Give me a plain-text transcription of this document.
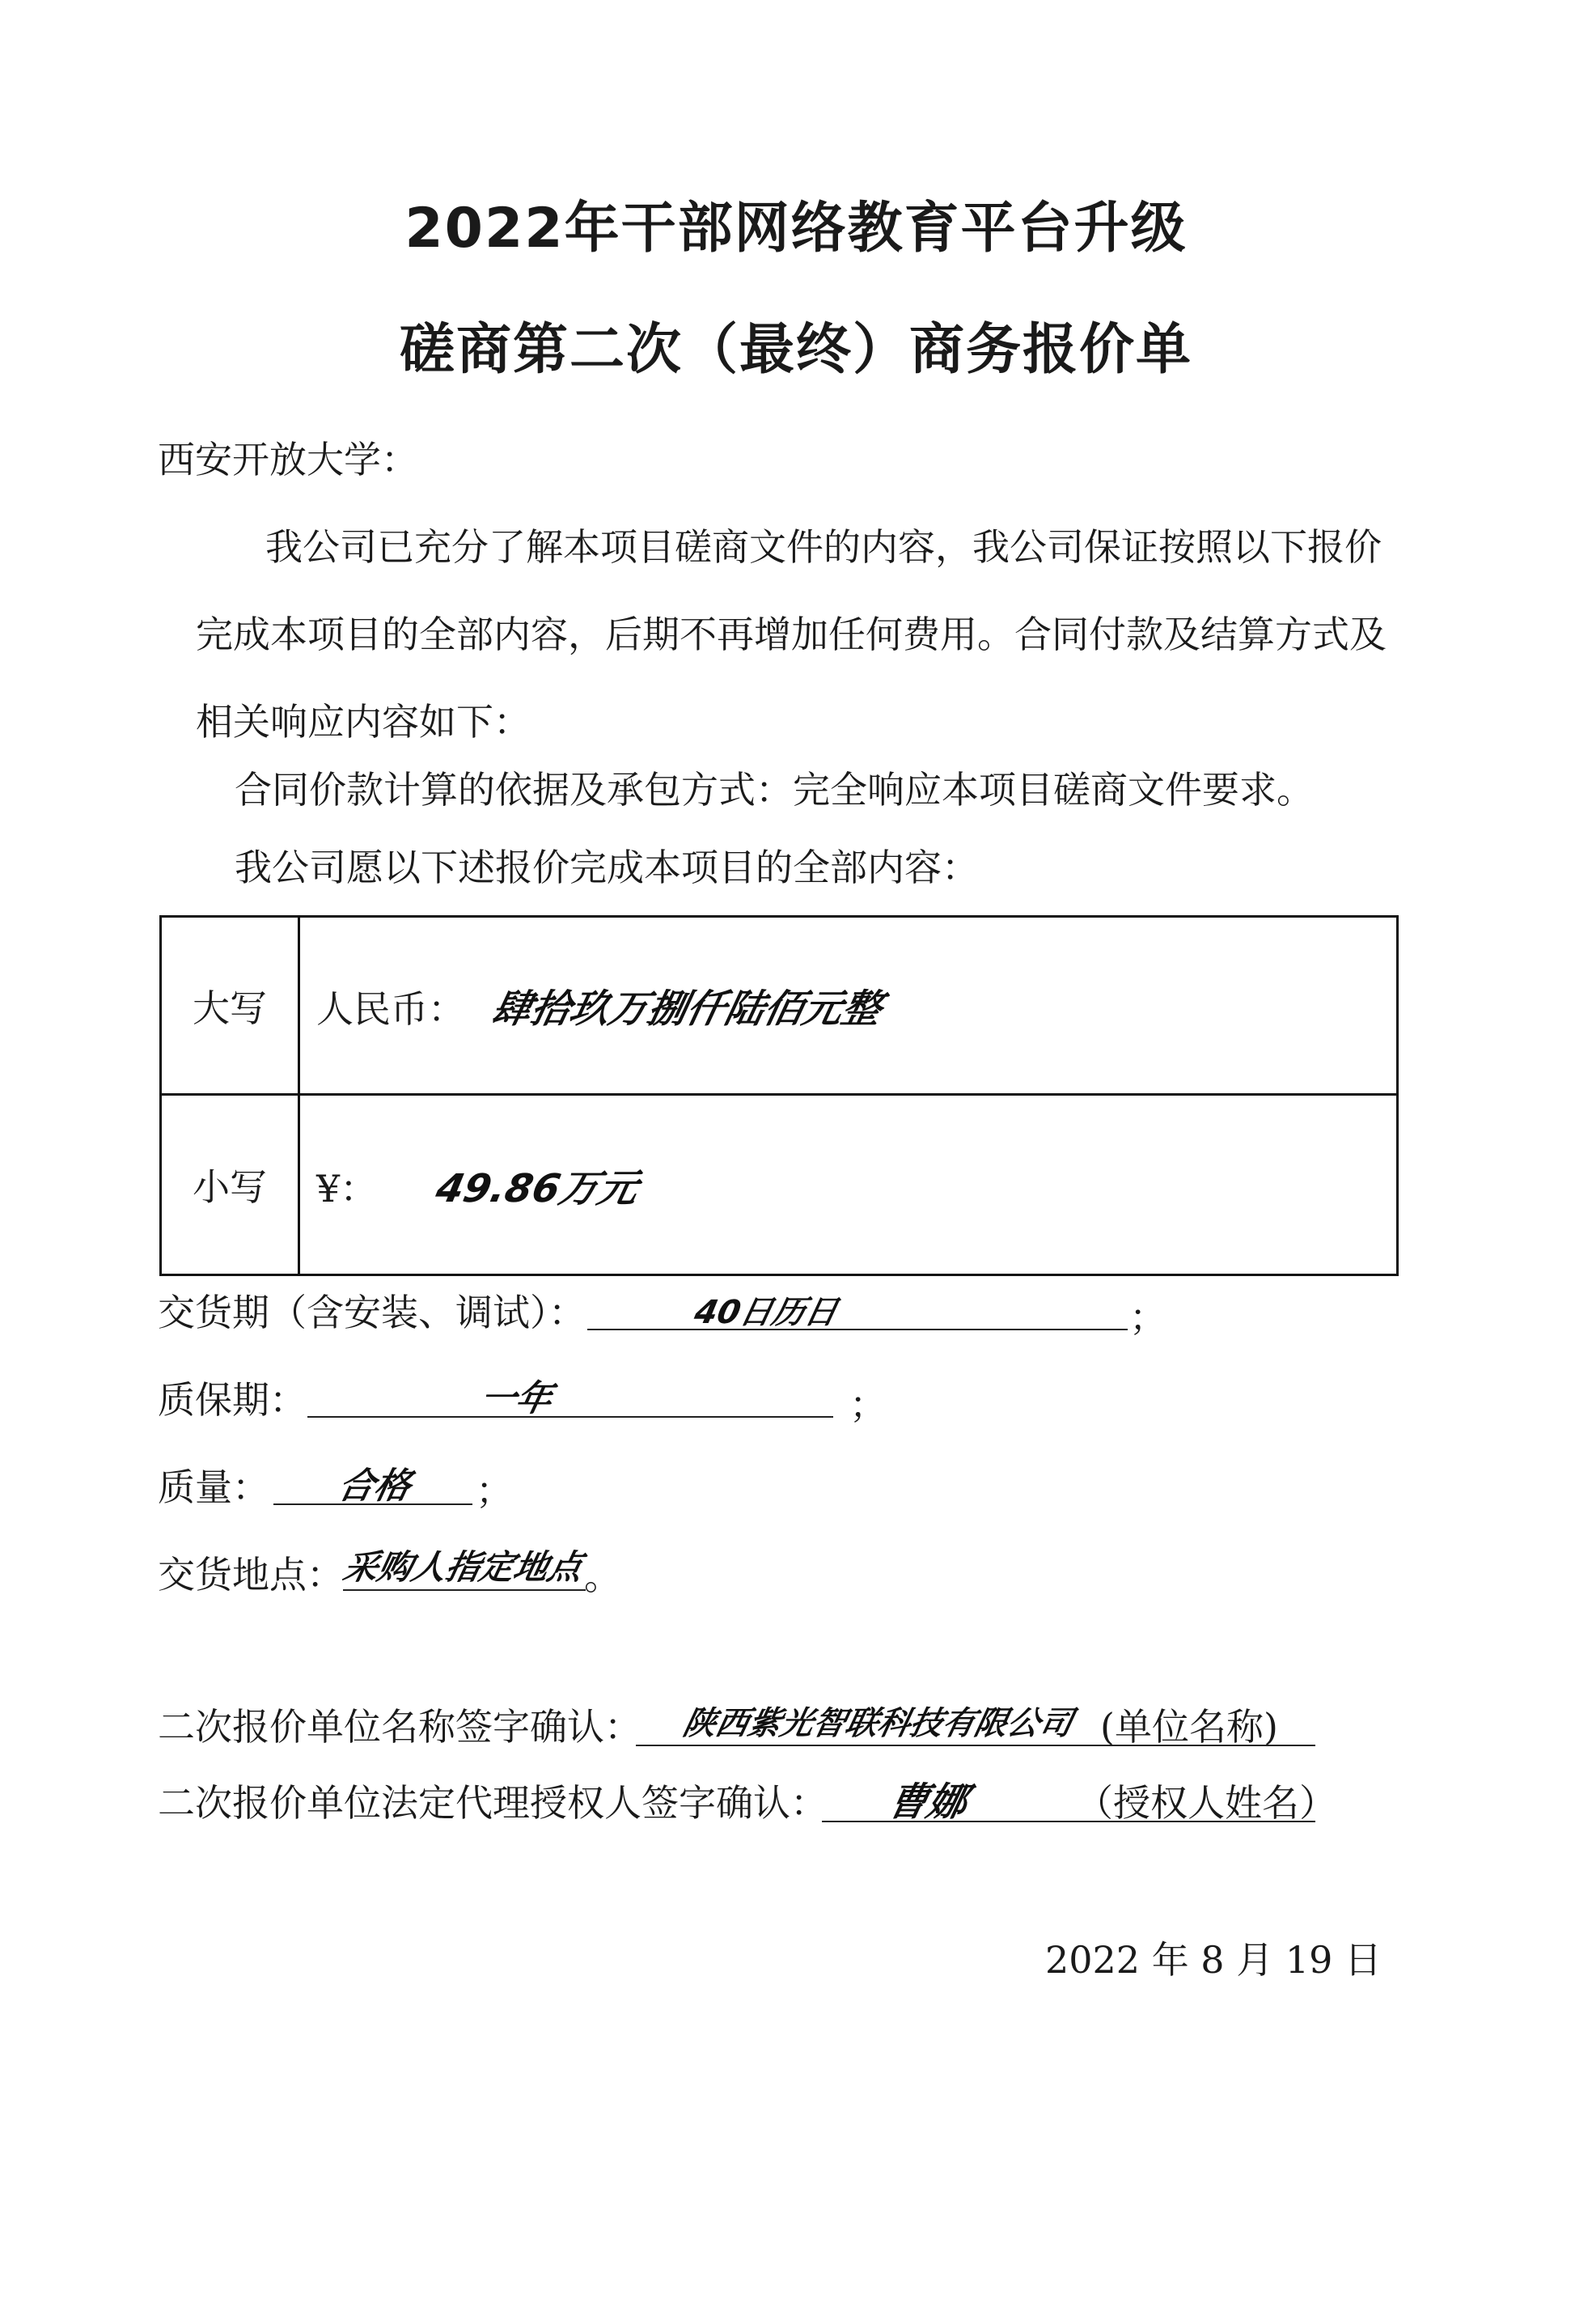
2022年干部网络教育平台升级
磋商第二次（最终）商务报价单
西安开放大学：
我公司已充分了解本项目磋商文件的内容，我公司保证按照以下报价
完成本项目的全部内容，后期不再增加任何费用。合同付款及结算方式及
相关响应内容如下：
合同价款计算的依据及承包方式：完全响应本项目磋商文件要求。
我公司愿以下述报价完成本项目的全部内容：
大写	人民币： 肆拾玖万捌仟陆佰元整
小写	¥： 49.86万元
交货期（含安装、调试）：	40日历日	；
质保期：	一年	；
质量： 合格 ；
交货地点：
采购人指定地点
。
二次报价单位名称签字确认： 陕西紫光智联科技有限公司 (单位名称)
二次报价单位法定代理授权人签字确认： 曹娜	（授权人姓名）
2022 年 8 月 19 日
